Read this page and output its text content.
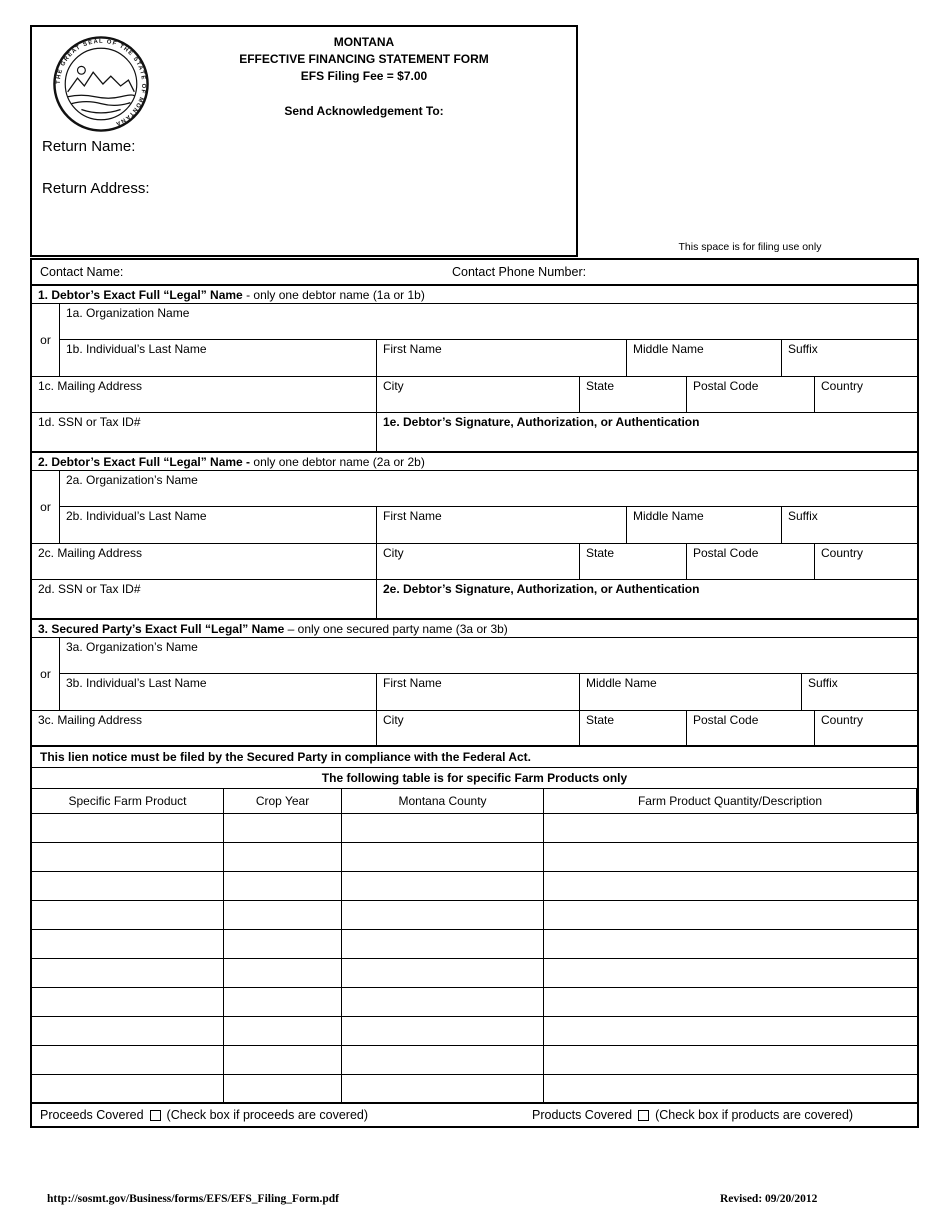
THE GREAT SEAL OF THE STATE OF MONTANA
MONTANA
EFFECTIVE FINANCING STATEMENT FORM
EFS Filing Fee = $7.00
Send Acknowledgement To:
Return Name:
Return Address:
This space is for filing use only
Contact Name:	Contact Phone Number:
1. Debtor’s Exact Full “Legal” Name - only one debtor name (1a or 1b)
or
1a. Organization Name
1b. Individual’s Last Name	First Name	Middle Name	Suffix
1c. Mailing Address	City	State	Postal Code	Country
1d. SSN or Tax ID#	1e. Debtor’s Signature, Authorization, or Authentication
2. Debtor’s Exact Full “Legal” Name - only one debtor name (2a or 2b)
or
2a. Organization’s Name
2b. Individual’s Last Name	First Name	Middle Name	Suffix
2c. Mailing Address	City	State	Postal Code	Country
2d. SSN or Tax ID#	2e. Debtor’s Signature, Authorization, or Authentication
3. Secured Party’s Exact Full “Legal” Name – only one secured party name (3a or 3b)
or
3a. Organization’s Name
3b. Individual’s Last Name	First Name	Middle Name	Suffix
3c. Mailing Address	City	State	Postal Code	Country
This lien notice must be filed by the Secured Party in compliance with the Federal Act.
The following table is for specific Farm Products only
Specific Farm Product	Crop Year	Montana County	Farm Product Quantity/Description
Proceeds Covered (Check box if proceeds are covered)	Products Covered (Check box if products are covered)
http://sosmt.gov/Business/forms/EFS/EFS_Filing_Form.pdf	Revised: 09/20/2012
